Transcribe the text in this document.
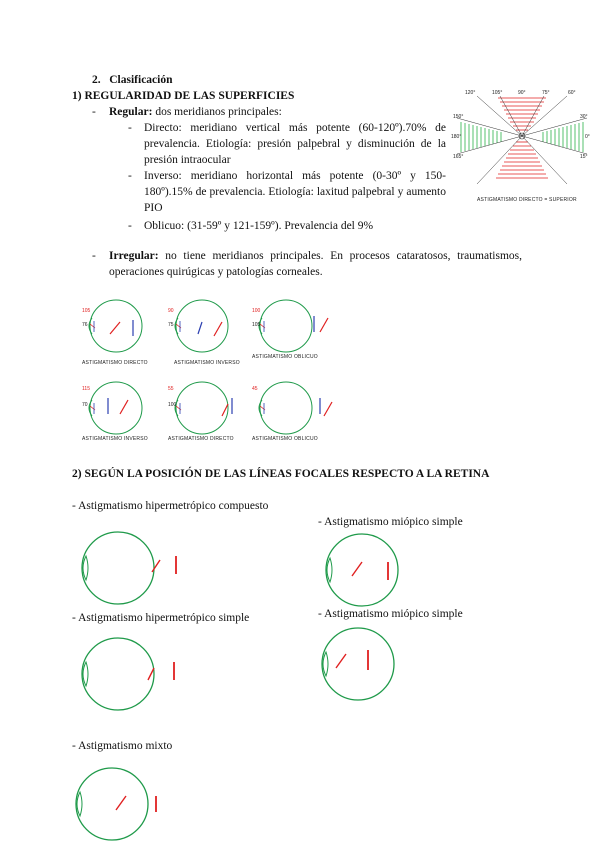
2. Clasificación
1) REGULARIDAD DE LAS SUPERFICIES
- Regular: dos meridianos principales:
- Directo: meridiano vertical más potente (60-120º).70% de prevalencia. Etiología: presión palpebral y disminución de la presión intraocular
- Inverso: meridiano horizontal más potente (0-30º y 150-180º).15% de prevalencia. Etiología: laxitud palpebral y aumento PIO
- Oblicuo: (31-59º y 121-159º). Prevalencia del 9%
120°	105°	90°	75°	60°
150°	30°
165°	15°
180°	0°
ASTIGMATISMO DIRECTO = SUPERIOR
- Irregular: no tiene meridianos principales. En procesos cataratosos, traumatismos, operaciones quirúgicas y patologías corneales.
105
76
ASTIGMATISMO DIRECTO
90
75
ASTIGMATISMO INVERSO
100
105
ASTIGMATISMO OBLICUO
115
70
ASTIGMATISMO INVERSO
55
100
ASTIGMATISMO DIRECTO
45
ASTIGMATISMO OBLICUO
2) SEGÚN LA POSICIÓN DE LAS LÍNEAS FOCALES RESPECTO A LA RETINA
- Astigmatismo hipermetrópico compuesto
- Astigmatismo miópico simple
- Astigmatismo hipermetrópico simple	- Astigmatismo miópico simple
- Astigmatismo mixto
